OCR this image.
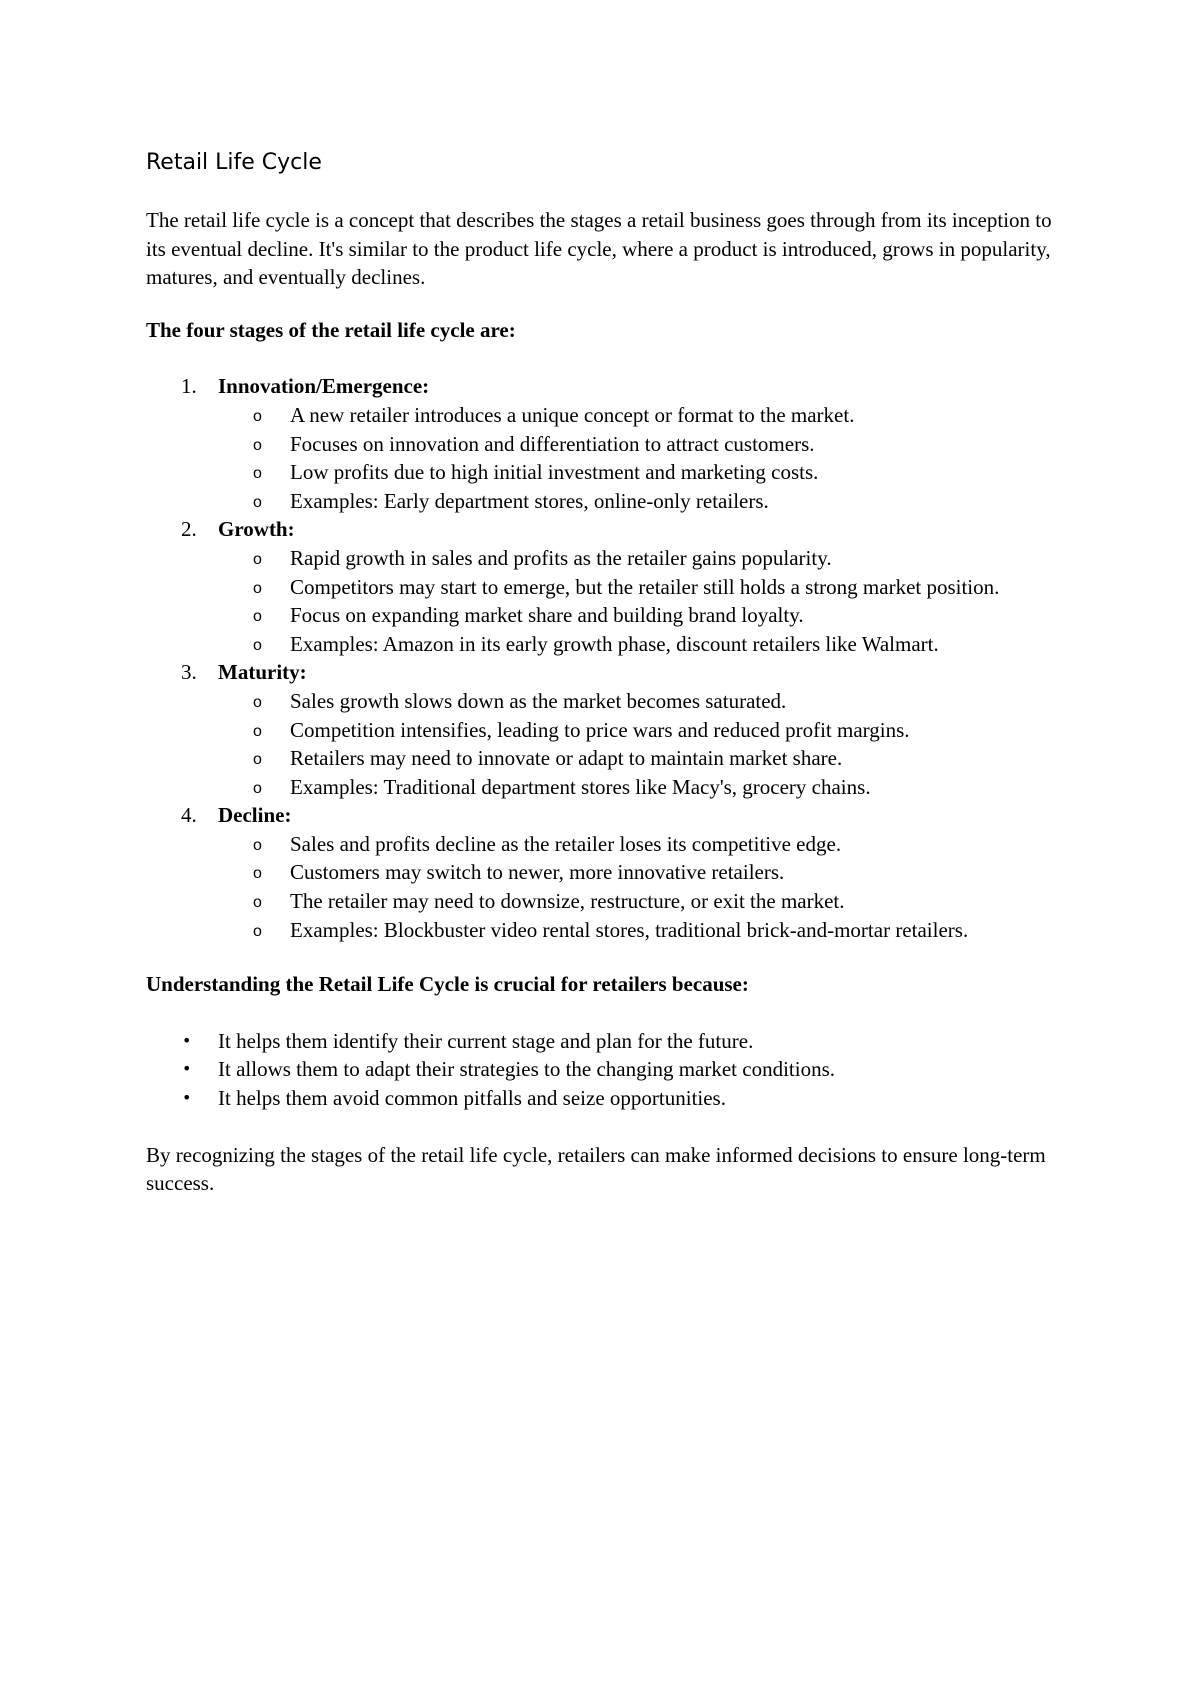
Retail Life Cycle

The retail life cycle is a concept that describes the stages a retail business goes through from its inception to its eventual decline. It's similar to the product life cycle, where a product is introduced, grows in popularity, matures, and eventually declines.

The four stages of the retail life cycle are:

1. Innovation/Emergence:
o A new retailer introduces a unique concept or format to the market.
o Focuses on innovation and differentiation to attract customers.
o Low profits due to high initial investment and marketing costs.
o Examples: Early department stores, online-only retailers.
2. Growth:
o Rapid growth in sales and profits as the retailer gains popularity.
o Competitors may start to emerge, but the retailer still holds a strong market position.
o Focus on expanding market share and building brand loyalty.
o Examples: Amazon in its early growth phase, discount retailers like Walmart.
3. Maturity:
o Sales growth slows down as the market becomes saturated.
o Competition intensifies, leading to price wars and reduced profit margins.
o Retailers may need to innovate or adapt to maintain market share.
o Examples: Traditional department stores like Macy's, grocery chains.
4. Decline:
o Sales and profits decline as the retailer loses its competitive edge.
o Customers may switch to newer, more innovative retailers.
o The retailer may need to downsize, restructure, or exit the market.
o Examples: Blockbuster video rental stores, traditional brick-and-mortar retailers.

Understanding the Retail Life Cycle is crucial for retailers because:

• It helps them identify their current stage and plan for the future.
• It allows them to adapt their strategies to the changing market conditions.
• It helps them avoid common pitfalls and seize opportunities.

By recognizing the stages of the retail life cycle, retailers can make informed decisions to ensure long-term success.
